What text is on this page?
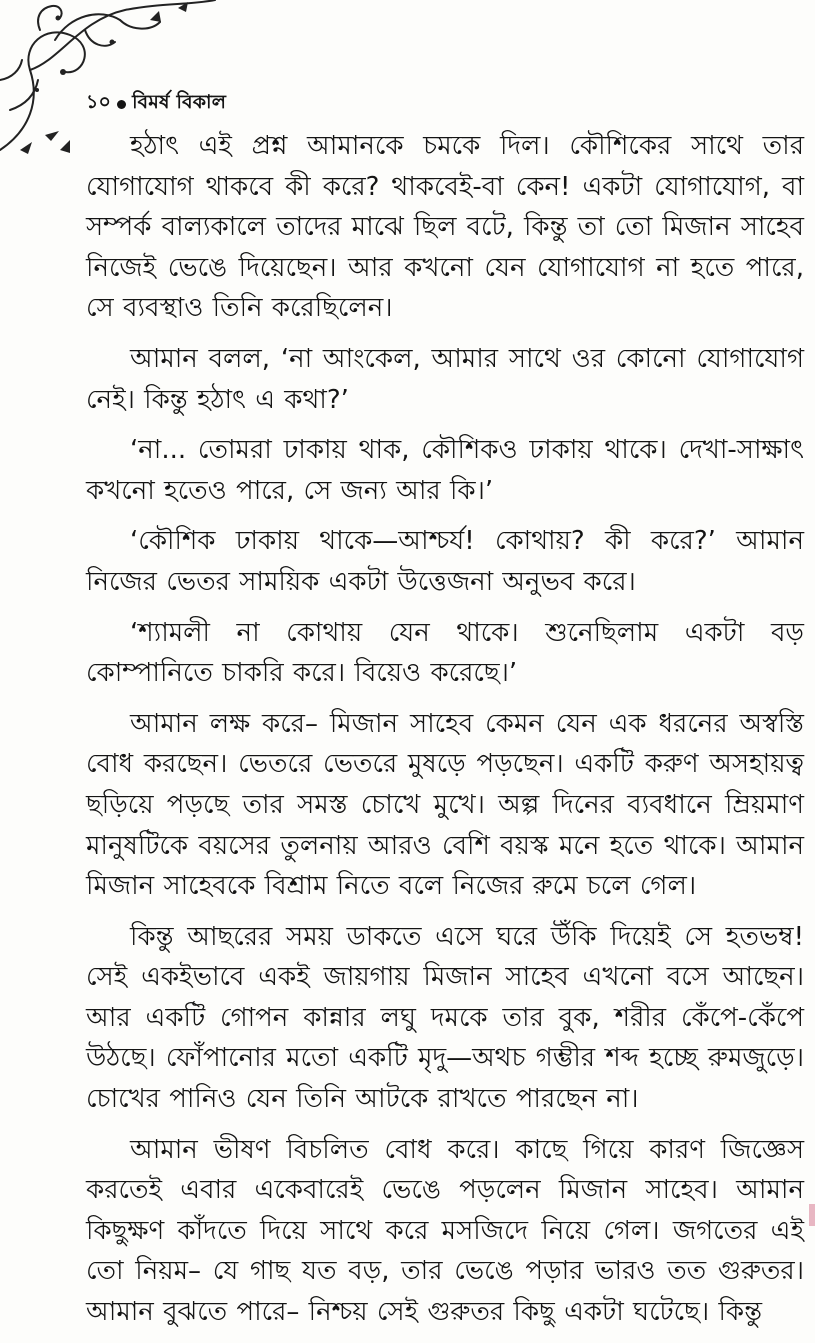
১০ বিমর্ষ বিকাল

হঠাৎ এই প্রশ্ন আমানকে চমকে দিল। কৌশিকের সাথে তার যোগাযোগ থাকবে কী করে? থাকবেই-বা কেন! একটা যোগাযোগ, বা সম্পর্ক বাল্যকালে তাদের মাঝে ছিল বটে, কিন্তু তা তো মিজান সাহেব নিজেই ভেঙে দিয়েছেন। আর কখনো যেন যোগাযোগ না হতে পারে, সে ব্যবস্থাও তিনি করেছিলেন।

আমান বলল, ‘না আংকেল, আমার সাথে ওর কোনো যোগাযোগ নেই। কিন্তু হঠাৎ এ কথা?’

‘না... তোমরা ঢাকায় থাক, কৌশিকও ঢাকায় থাকে। দেখা-সাক্ষাৎ কখনো হতেও পারে, সে জন্য আর কি।’

‘কৌশিক ঢাকায় থাকে—আশ্চর্য! কোথায়? কী করে?’ আমান নিজের ভেতর সাময়িক একটা উত্তেজনা অনুভব করে।

‘শ্যামলী না কোথায় যেন থাকে। শুনেছিলাম একটা বড় কোম্পানিতে চাকরি করে। বিয়েও করেছে।’

আমান লক্ষ করে– মিজান সাহেব কেমন যেন এক ধরনের অস্বস্তি বোধ করছেন। ভেতরে ভেতরে মুষড়ে পড়ছেন। একটি করুণ অসহায়ত্ব ছড়িয়ে পড়ছে তার সমস্ত চোখে মুখে। অল্প দিনের ব্যবধানে ম্রিয়মাণ মানুষটিকে বয়সের তুলনায় আরও বেশি বয়স্ক মনে হতে থাকে। আমান মিজান সাহেবকে বিশ্রাম নিতে বলে নিজের রুমে চলে গেল।

কিন্তু আছরের সময় ডাকতে এসে ঘরে উঁকি দিয়েই সে হতভম্ব! সেই একইভাবে একই জায়গায় মিজান সাহেব এখনো বসে আছেন। আর একটি গোপন কান্নার লঘু দমকে তার বুক, শরীর কেঁপে-কেঁপে উঠছে। ফোঁপানোর মতো একটি মৃদু—অথচ গম্ভীর শব্দ হচ্ছে রুমজুড়ে। চোখের পানিও যেন তিনি আটকে রাখতে পারছেন না।

আমান ভীষণ বিচলিত বোধ করে। কাছে গিয়ে কারণ জিজ্ঞেস করতেই এবার একেবারেই ভেঙে পড়লেন মিজান সাহেব। আমান কিছুক্ষণ কাঁদতে দিয়ে সাথে করে মসজিদে নিয়ে গেল। জগতের এই তো নিয়ম– যে গাছ যত বড়, তার ভেঙে পড়ার ভারও তত গুরুতর। আমান বুঝতে পারে– নিশ্চয় সেই গুরুতর কিছু একটা ঘটেছে। কিন্তু
